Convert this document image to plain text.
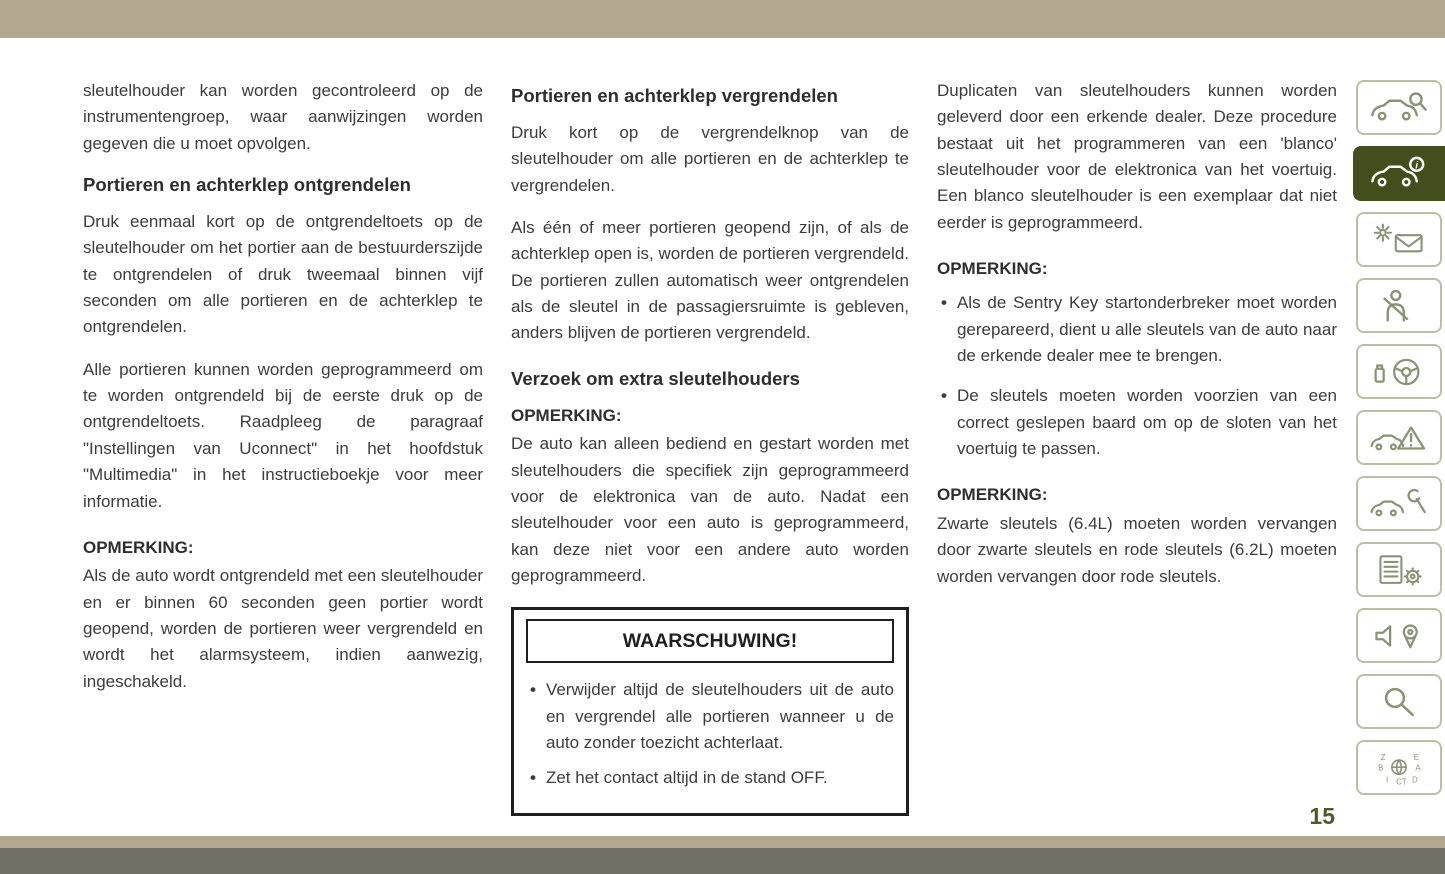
sleutelhouder kan worden gecontroleerd op de instrumentengroep, waar aanwijzingen worden gegeven die u moet opvolgen.

Portieren en achterklep ontgrendelen

Druk eenmaal kort op de ontgrendeltoets op de sleutelhouder om het portier aan de bestuurderszijde te ontgrendelen of druk tweemaal binnen vijf seconden om alle portieren en de achterklep te ontgrendelen.

Alle portieren kunnen worden geprogrammeerd om te worden ontgrendeld bij de eerste druk op de ontgrendeltoets. Raadpleeg de paragraaf "Instellingen van Uconnect" in het hoofdstuk "Multimedia" in het instructieboekje voor meer informatie.

OPMERKING:

Als de auto wordt ontgrendeld met een sleutelhouder en er binnen 60 seconden geen portier wordt geopend, worden de portieren weer vergrendeld en wordt het alarmsysteem, indien aanwezig, ingeschakeld.

Portieren en achterklep vergrendelen

Druk kort op de vergrendelknop van de sleutelhouder om alle portieren en de achterklep te vergrendelen.

Als één of meer portieren geopend zijn, of als de achterklep open is, worden de portieren vergrendeld. De portieren zullen automatisch weer ontgrendelen als de sleutel in de passagiersruimte is gebleven, anders blijven de portieren vergrendeld.

Verzoek om extra sleutelhouders
OPMERKING:

De auto kan alleen bediend en gestart worden met sleutelhouders die specifiek zijn geprogrammeerd voor de elektronica van de auto. Nadat een sleutelhouder voor een auto is geprogrammeerd, kan deze niet voor een andere auto worden geprogrammeerd.

WAARSCHUWING!
• Verwijder altijd de sleutelhouders uit de auto en vergrendel alle portieren wanneer u de auto zonder toezicht achterlaat.
• Zet het contact altijd in de stand OFF.

Duplicaten van sleutelhouders kunnen worden geleverd door een erkende dealer. Deze procedure bestaat uit het programmeren van een 'blanco' sleutelhouder voor de elektronica van het voertuig. Een blanco sleutelhouder is een exemplaar dat niet eerder is geprogrammeerd.

OPMERKING:
• Als de Sentry Key startonderbreker moet worden gerepareerd, dient u alle sleutels van de auto naar de erkende dealer mee te brengen.
• De sleutels moeten worden voorzien van een correct geslepen baard om op de sloten van het voertuig te passen.
OPMERKING:

Zwarte sleutels (6.4L) moeten worden vervangen door zwarte sleutels en rode sleutels (6.2L) moeten worden vervangen door rode sleutels.

i
Z	E
B	A
I CT D
15
